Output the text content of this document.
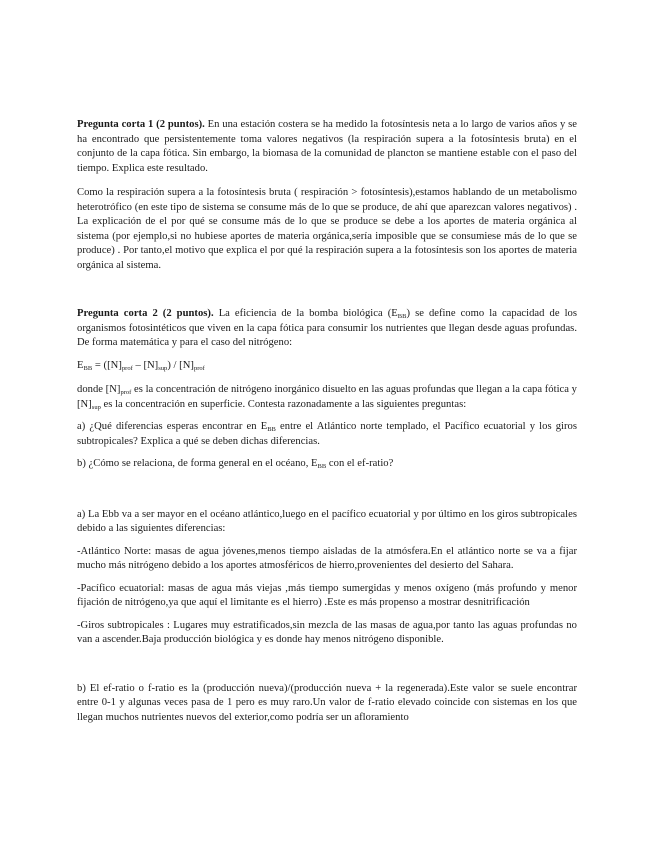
Pregunta corta 1 (2 puntos). En una estación costera se ha medido la fotosíntesis neta a lo largo de varios años y se ha encontrado que persistentemente toma valores negativos (la respiración supera a la fotosíntesis bruta) en el conjunto de la capa fótica. Sin embargo, la biomasa de la comunidad de plancton se mantiene estable con el paso del tiempo. Explica este resultado.

Como la respiración supera a la fotosíntesis bruta ( respiración > fotosíntesis),estamos hablando de un metabolismo heterotrófico (en este tipo de sistema se consume más de lo que se produce, de ahí que aparezcan valores negativos) . La explicación de el por qué se consume más de lo que se produce se debe a los aportes de materia orgánica al sistema (por ejemplo,si no hubiese aportes de materia orgánica,sería imposible que se consumiese más de lo que se produce) . Por tanto,el motivo que explica el por qué la respiración supera a la fotosíntesis son los aportes de materia orgánica al sistema.

Pregunta corta 2 (2 puntos). La eficiencia de la bomba biológica $(E_{BB})$ se define como la capacidad de los organismos fotosintéticos que viven en la capa fótica para consumir los nutrientes que llegan desde aguas profundas. De forma matemática y para el caso del nitrógeno:

$E_{BB} = ([N]_{prof} - [N]_{sup}) / [N]_{prof}$

donde $[N]_{prof}$ es la concentración de nitrógeno inorgánico disuelto en las aguas profundas que llegan a la capa fótica y $[N]_{sup}$ es la concentración en superficie. Contesta razonadamente a las siguientes preguntas:

a) ¿Qué diferencias esperas encontrar en $E_{BB}$ entre el Atlántico norte templado, el Pacífico ecuatorial y los giros subtropicales? Explica a qué se deben dichas diferencias.

b) ¿Cómo se relaciona, de forma general en el océano, $E_{BB}$ con el ef-ratio?

a) La Ebb va a ser mayor en el océano atlántico,luego en el pacífico ecuatorial y por último en los giros subtropicales debido a las siguientes diferencias:

-Atlántico Norte: masas de agua jóvenes,menos tiempo aisladas de la atmósfera.En el atlántico norte se va a fijar mucho más nitrógeno debido a los aportes atmosféricos de hierro,provenientes del desierto del Sahara.

-Pacífico ecuatorial: masas de agua más viejas ,más tiempo sumergidas y menos oxígeno (más profundo y menor fijación de nitrógeno,ya que aquí el limitante es el hierro) .Este es más propenso a mostrar desnitrificación

-Giros subtropicales : Lugares muy estratificados,sin mezcla de las masas de agua,por tanto las aguas profundas no van a ascender.Baja producción biológica y es donde hay menos nitrógeno disponible.

b) El ef-ratio o f-ratio es la (producción nueva)/(producción nueva + la regenerada).Este valor se suele encontrar entre 0-1 y algunas veces pasa de 1 pero es muy raro.Un valor de f-ratio elevado coincide con sistemas en los que llegan muchos nutrientes nuevos del exterior,como podría ser un afloramiento
